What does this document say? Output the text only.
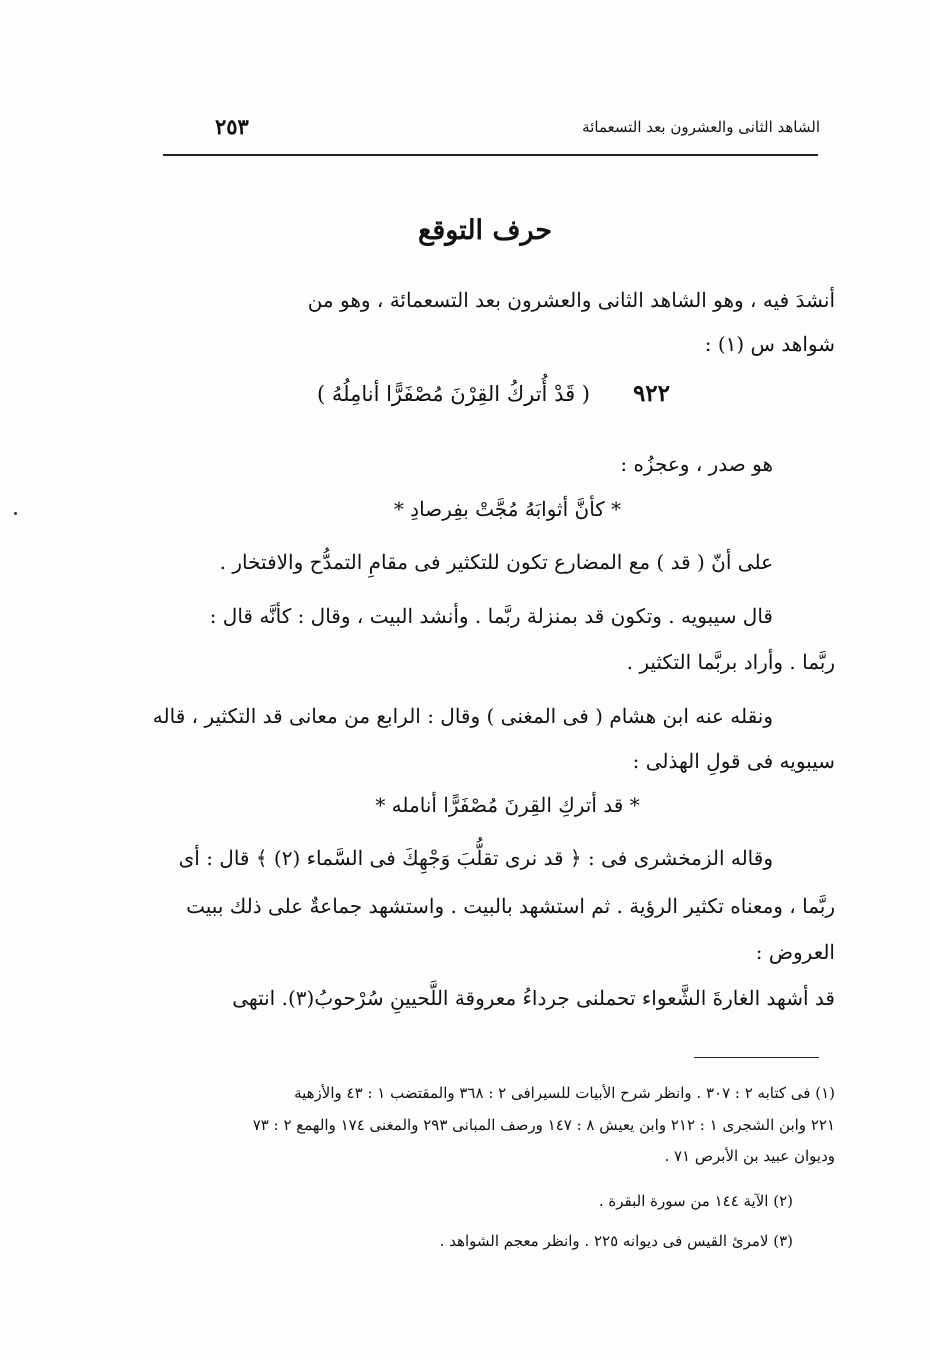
الشاهد الثانى والعشرون بعد التسعمائة
٢٥٣
حرف التوقع
أنشدَ فيه ، وهو الشاهد الثانى والعشرون بعد التسعمائة ، وهو من
شواهد س (١) :
٩٢٢
( قَدْ أُتركُ القِرْنَ مُصْفَرًّا أنامِلُهُ )
هو صدر ، وعجزُه :
* كأنَّ أثوابَهُ مُجَّتْ بفِرصادِ *
على أنّ ( قد ) مع المضارع تكون للتكثير فى مقامِ التمدُّح والافتخار .
قال سيبويه . وتكون قد بمنزلة ربَّما . وأنشد البيت ، وقال : كأنَّه قال :
ربَّما . وأراد بربَّما التكثير .
ونقله عنه ابن هشام ( فى المغنى ) وقال : الرابع من معانى قد التكثير ، قاله
سيبويه فى قولِ الهذلى :
* قد أتركِ القِرنَ مُصْفَرًّا أنامله *
وقاله الزمخشرى فى : ﴿ قد نرى تقلُّبَ وَجْهِكَ فى السَّماء (٢) ﴾ قال : أى
ربَّما ، ومعناه تكثير الرؤية . ثم استشهد بالبيت . واستشهد جماعةٌ على ذلك ببيت
العروض :
قد أشهد الغارةَ الشَّعواء تحملنى جرداءُ معروقة اللَّحيينِ سُرْحوبُ(٣). انتهى
(١) فى كتابه ٢ : ٣٠٧ . وانظر شرح الأبيات للسيرافى ٢ : ٣٦٨ والمقتضب ١ : ٤٣ والأزهية
٢٢١ وابن الشجرى ١ : ٢١٢ وابن يعيش ٨ : ١٤٧ ورصف المبانى ٢٩٣ والمغنى ١٧٤ والهمع ٢ : ٧٣
وديوان عبيد بن الأبرص ٧١ .
(٢) الآية ١٤٤ من سورة البقرة .
(٣) لامرئ القيس فى ديوانه ٢٢٥ . وانظر معجم الشواهد .
